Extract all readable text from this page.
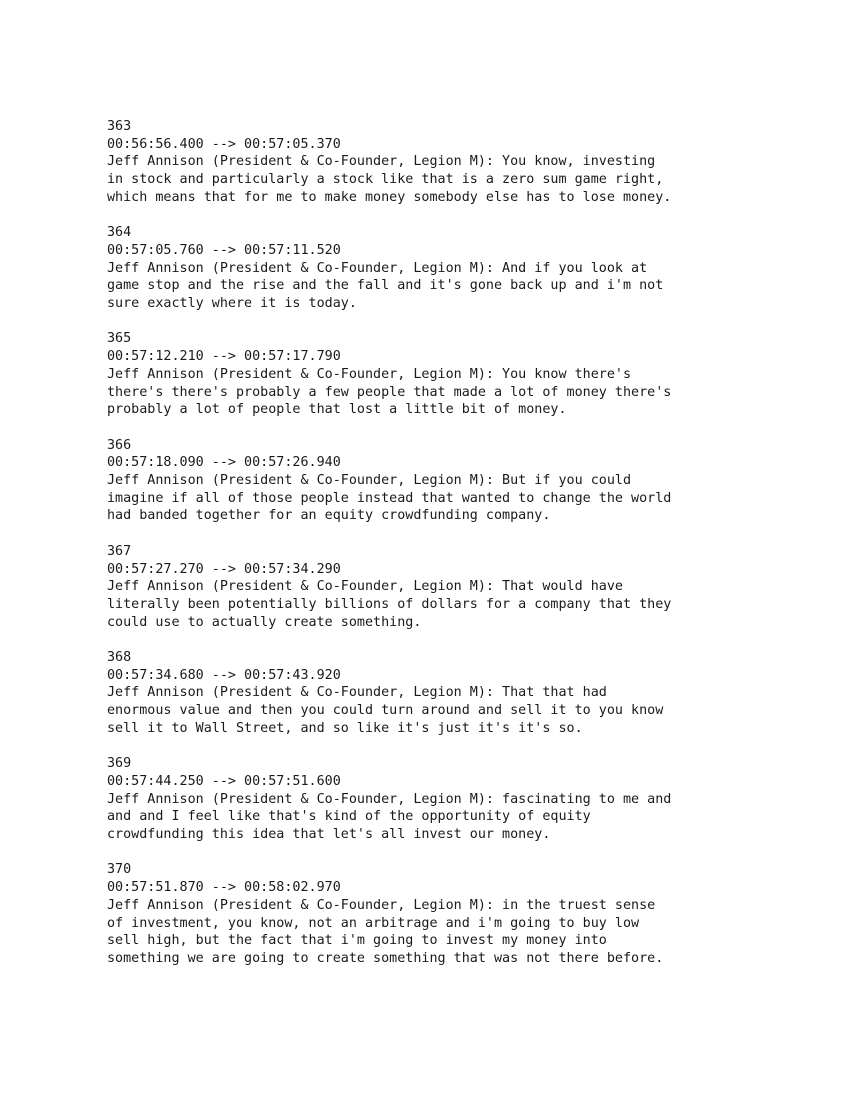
363
00:56:56.400 --> 00:57:05.370
Jeff Annison (President & Co-Founder, Legion M): You know, investing
in stock and particularly a stock like that is a zero sum game right,
which means that for me to make money somebody else has to lose money.
364
00:57:05.760 --> 00:57:11.520
Jeff Annison (President & Co-Founder, Legion M): And if you look at
game stop and the rise and the fall and it's gone back up and i'm not
sure exactly where it is today.
365
00:57:12.210 --> 00:57:17.790
Jeff Annison (President & Co-Founder, Legion M): You know there's
there's there's probably a few people that made a lot of money there's
probably a lot of people that lost a little bit of money.
366
00:57:18.090 --> 00:57:26.940
Jeff Annison (President & Co-Founder, Legion M): But if you could
imagine if all of those people instead that wanted to change the world
had banded together for an equity crowdfunding company.
367
00:57:27.270 --> 00:57:34.290
Jeff Annison (President & Co-Founder, Legion M): That would have
literally been potentially billions of dollars for a company that they
could use to actually create something.
368
00:57:34.680 --> 00:57:43.920
Jeff Annison (President & Co-Founder, Legion M): That that had
enormous value and then you could turn around and sell it to you know
sell it to Wall Street, and so like it's just it's it's so.
369
00:57:44.250 --> 00:57:51.600
Jeff Annison (President & Co-Founder, Legion M): fascinating to me and
and and I feel like that's kind of the opportunity of equity
crowdfunding this idea that let's all invest our money.
370
00:57:51.870 --> 00:58:02.970
Jeff Annison (President & Co-Founder, Legion M): in the truest sense
of investment, you know, not an arbitrage and i'm going to buy low
sell high, but the fact that i'm going to invest my money into
something we are going to create something that was not there before.
